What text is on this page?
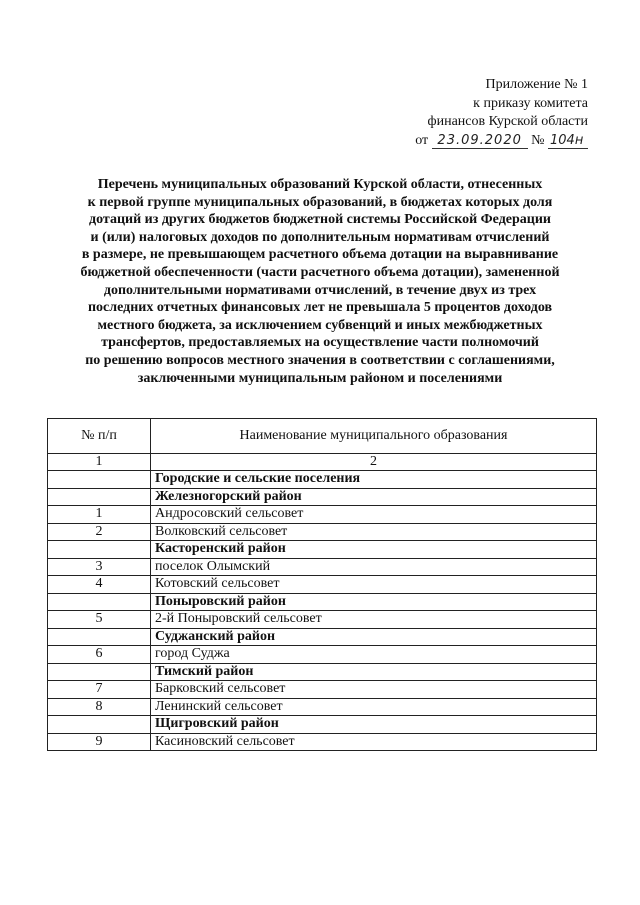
Приложение № 1
к приказу комитета
финансов Курской области
от 23.09.2020 № 104н
Перечень муниципальных образований Курской области, отнесенных
к первой группе муниципальных образований, в бюджетах которых доля
дотаций из других бюджетов бюджетной системы Российской Федерации
и (или) налоговых доходов по дополнительным нормативам отчислений
в размере, не превышающем расчетного объема дотации на выравнивание
бюджетной обеспеченности (части расчетного объема дотации), замененной
дополнительными нормативами отчислений, в течение двух из трех
последних отчетных финансовых лет не превышала 5 процентов доходов
местного бюджета, за исключением субвенций и иных межбюджетных
трансфертов, предоставляемых на осуществление части полномочий
по решению вопросов местного значения в соответствии с соглашениями,
заключенными муниципальным районом и поселениями
№ п/п	Наименование муниципального образования
1	2
	Городские и сельские поселения
	Железногорский район
1	Андросовский сельсовет
2	Волковский сельсовет
	Касторенский район
3	поселок Олымский
4	Котовский сельсовет
	Поныровский район
5	2-й Поныровский сельсовет
	Суджанский район
6	город Суджа
	Тимский район
7	Барковский сельсовет
8	Ленинский сельсовет
	Щигровский район
9	Касиновский сельсовет
